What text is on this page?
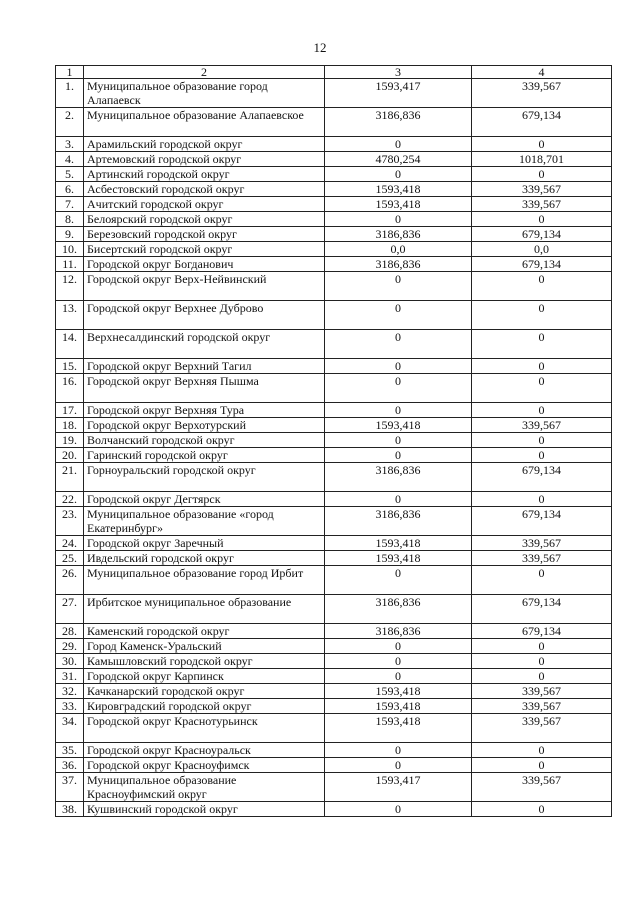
12
1	2	3	4
1.	Муниципальное образование город Алапаевск	1593,417	339,567
2.	Муниципальное образование Алапаевское	3186,836	679,134
3.	Арамильский городской округ	0	0
4.	Артемовский городской округ	4780,254	1018,701
5.	Артинский городской округ	0	0
6.	Асбестовский городской округ	1593,418	339,567
7.	Ачитский городской округ	1593,418	339,567
8.	Белоярский городской округ	0	0
9.	Березовский городской округ	3186,836	679,134
10.	Бисертский городской округ	0,0	0,0
11.	Городской округ Богданович	3186,836	679,134
12.	Городской округ Верх-Нейвинский	0	0
13.	Городской округ Верхнее Дуброво	0	0
14.	Верхнесалдинский городской округ	0	0
15.	Городской округ Верхний Тагил	0	0
16.	Городской округ Верхняя Пышма	0	0
17.	Городской округ Верхняя Тура	0	0
18.	Городской округ Верхотурский	1593,418	339,567
19.	Волчанский городской округ	0	0
20.	Гаринский городской округ	0	0
21.	Горноуральский городской округ	3186,836	679,134
22.	Городской округ Дегтярск	0	0
23.	Муниципальное образование «город Екатеринбург»	3186,836	679,134
24.	Городской округ Заречный	1593,418	339,567
25.	Ивдельский городской округ	1593,418	339,567
26.	Муниципальное образование город Ирбит	0	0
27.	Ирбитское муниципальное образование	3186,836	679,134
28.	Каменский городской округ	3186,836	679,134
29.	Город Каменск-Уральский	0	0
30.	Камышловский городской округ	0	0
31.	Городской округ Карпинск	0	0
32.	Качканарский городской округ	1593,418	339,567
33.	Кировградский городской округ	1593,418	339,567
34.	Городской округ Краснотурьинск	1593,418	339,567
35.	Городской округ Красноуральск	0	0
36.	Городской округ Красноуфимск	0	0
37.	Муниципальное образование Красноуфимский округ	1593,417	339,567
38.	Кушвинский городской округ	0	0
